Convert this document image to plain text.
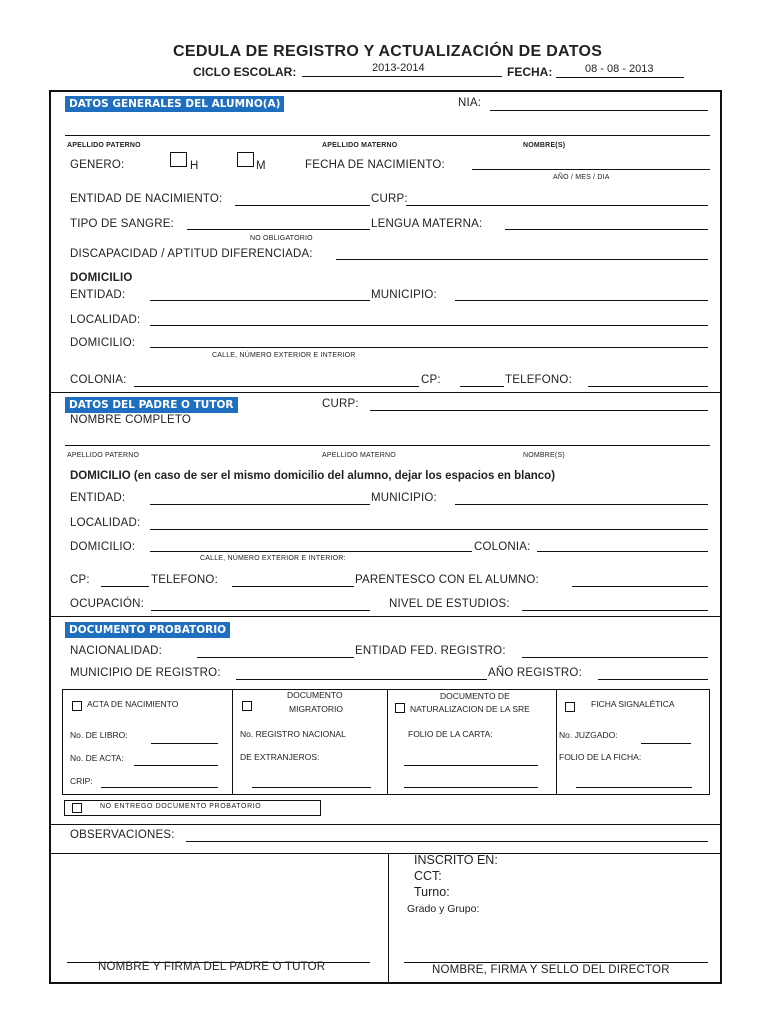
CEDULA DE REGISTRO Y ACTUALIZACIÓN DE DATOS
CICLO ESCOLAR:	2013-2014	FECHA:	08 - 08 - 2013
DATOS GENERALES DEL ALUMNO(A)	NIA:
APELLIDO PATERNO	APELLIDO MATERNO	NOMBRE(S)
GENERO:	H	M	FECHA DE NACIMIENTO:
AÑO / MES / DIA
ENTIDAD DE NACIMIENTO:	CURP:
TIPO DE SANGRE:	LENGUA MATERNA:
NO OBLIGATORIO
DISCAPACIDAD / APTITUD DIFERENCIADA:
DOMICILIO
ENTIDAD:	MUNICIPIO:
LOCALIDAD:
DOMICILIO:
CALLE, NÚMERO EXTERIOR E INTERIOR
COLONIA:	CP:	TELEFONO:
DATOS DEL PADRE O TUTOR	CURP:
NOMBRE COMPLETO
APELLIDO PATERNO	APELLIDO MATERNO	NOMBRE(S)
DOMICILIO (en caso de ser el mismo domicilio del alumno, dejar los espacios en blanco)
ENTIDAD:	MUNICIPIO:
LOCALIDAD:
DOMICILIO:	COLONIA:
CALLE, NÚMERO EXTERIOR E INTERIOR:
CP:	TELEFONO:	PARENTESCO CON EL ALUMNO:
OCUPACIÓN:	NIVEL DE ESTUDIOS:
DOCUMENTO PROBATORIO
NACIONALIDAD:	ENTIDAD FED. REGISTRO:
MUNICIPIO DE REGISTRO:	AÑO REGISTRO:
ACTA DE NACIMIENTO
No. DE LIBRO:
No. DE ACTA:
CRIP:
DOCUMENTO
MIGRATORIO
No. REGISTRO NACIONAL
DE EXTRANJEROS:
DOCUMENTO DE
NATURALIZACION DE LA SRE
FOLIO DE LA CARTA:
FICHA SIGNALÉTICA
No. JUZGADO:
FOLIO DE LA FICHA:
NO ENTREGO DOCUMENTO PROBATORIO
OBSERVACIONES:
INSCRITO EN:
CCT:
Turno:
Grado y Grupo:
NOMBRE Y FIRMA DEL PADRE O TUTOR	NOMBRE, FIRMA Y SELLO DEL DIRECTOR
